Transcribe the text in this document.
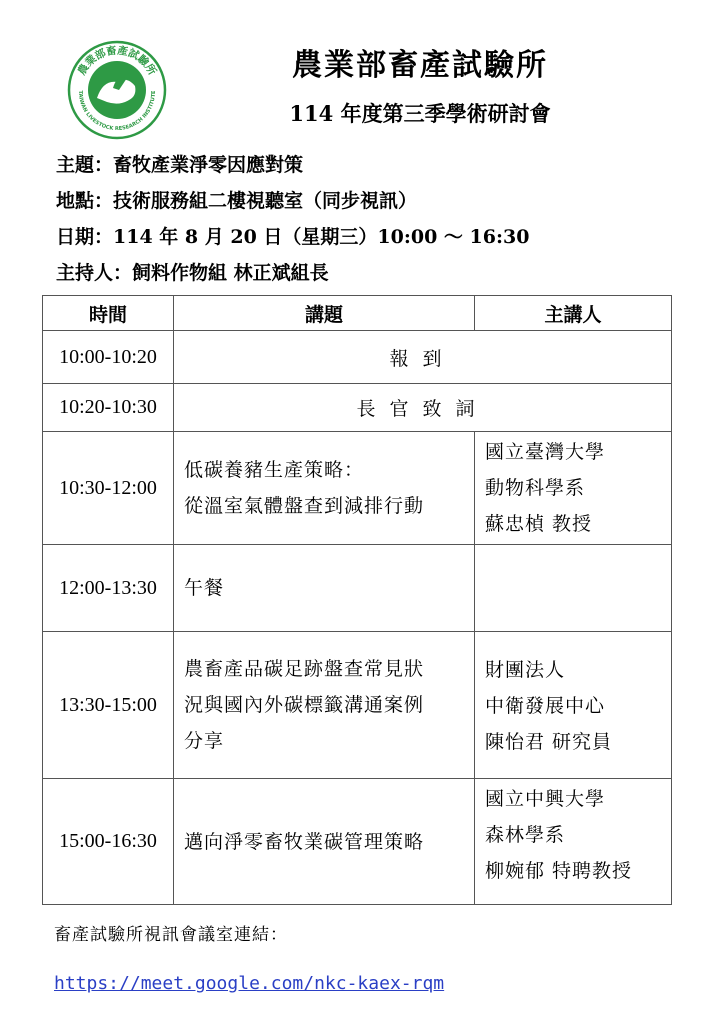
農業部畜產試驗所
TAIWAN LIVESTOCK RESEARCH INSTITUTE
農業部畜產試驗所
114 年度第三季學術研討會
主題：畜牧產業淨零因應對策
地點：技術服務組二樓視聽室（同步視訊）
日期：114 年 8 月 20 日（星期三）10:00 ～ 16:30
主持人：飼料作物組 林正斌組長
時間	講題	主講人
10:00-10:20	報到	
10:20-10:30	長官致詞	
10:30-12:00	低碳養豬生產策略：
從溫室氣體盤查到減排行動	國立臺灣大學
動物科學系
蘇忠楨 教授

12:00-13:30	午餐	
13:30-15:00	農畜產品碳足跡盤查常見狀
況與國內外碳標籤溝通案例
分享	財團法人
中衛發展中心
陳怡君 研究員

15:00-16:30	邁向淨零畜牧業碳管理策略	國立中興大學
森林學系
柳婉郁 特聘教授
畜產試驗所視訊會議室連結：
https://meet.google.com/nkc-kaex-rqm
